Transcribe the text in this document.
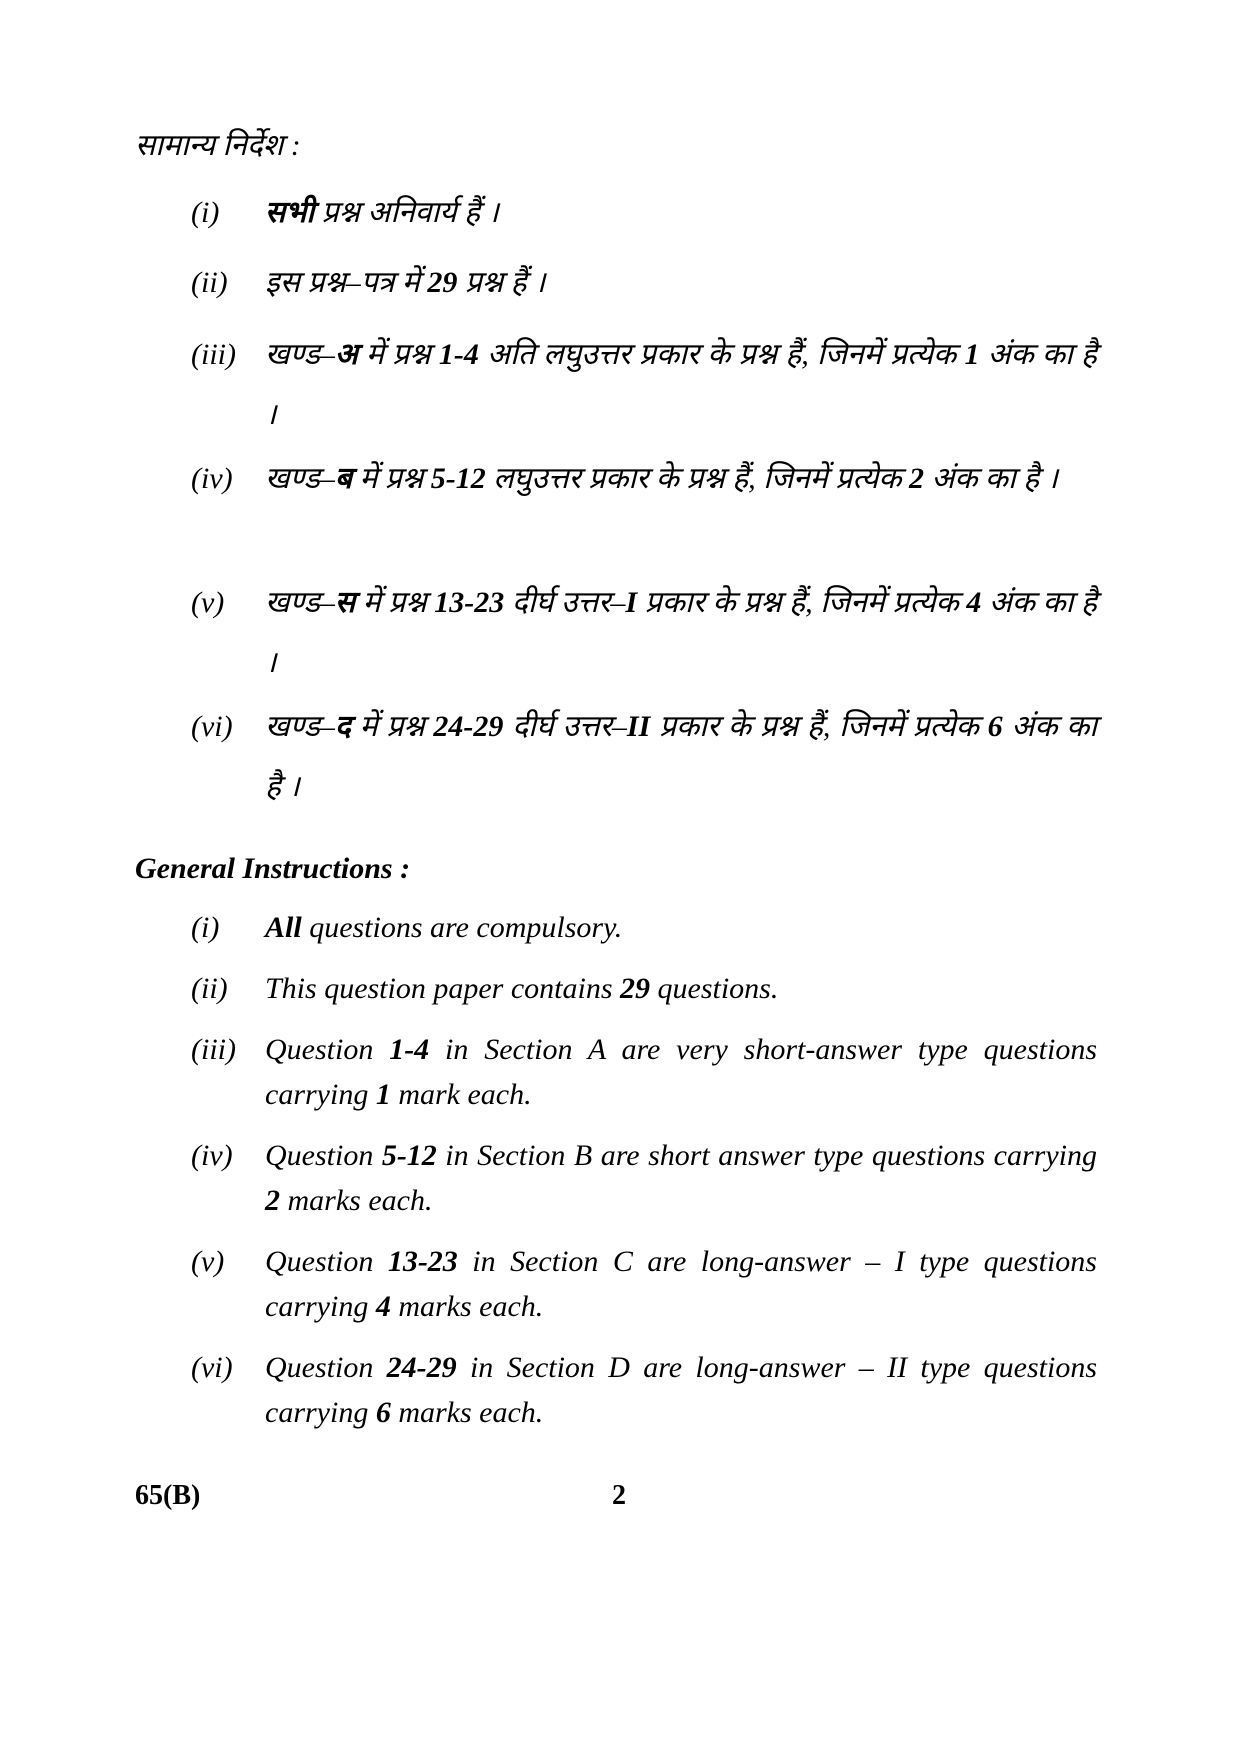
सामान्य निर्देश :
(i) सभी प्रश्न अनिवार्य हैं ।
(ii) इस प्रश्न–पत्र में 29 प्रश्न हैं ।
(iii) खण्ड–अ में प्रश्न 1-4 अति लघुउत्तर प्रकार के प्रश्न हैं, जिनमें प्रत्येक 1 अंक का है ।
(iv) खण्ड–ब में प्रश्न 5-12 लघुउत्तर प्रकार के प्रश्न हैं, जिनमें प्रत्येक 2 अंक का है ।
(v) खण्ड–स में प्रश्न 13-23 दीर्घ उत्तर–I प्रकार के प्रश्न हैं, जिनमें प्रत्येक 4 अंक का है ।
(vi) खण्ड–द में प्रश्न 24-29 दीर्घ उत्तर–II प्रकार के प्रश्न हैं, जिनमें प्रत्येक 6 अंक का है ।
General Instructions :
(i) All questions are compulsory.
(ii) This question paper contains 29 questions.
(iii) Question 1-4 in Section A are very short-answer type questions carrying 1 mark each.
(iv) Question 5-12 in Section B are short answer type questions carrying 2 marks each.
(v) Question 13-23 in Section C are long-answer – I type questions carrying 4 marks each.
(vi) Question 24-29 in Section D are long-answer – II type questions carrying 6 marks each.
65(B)	2
